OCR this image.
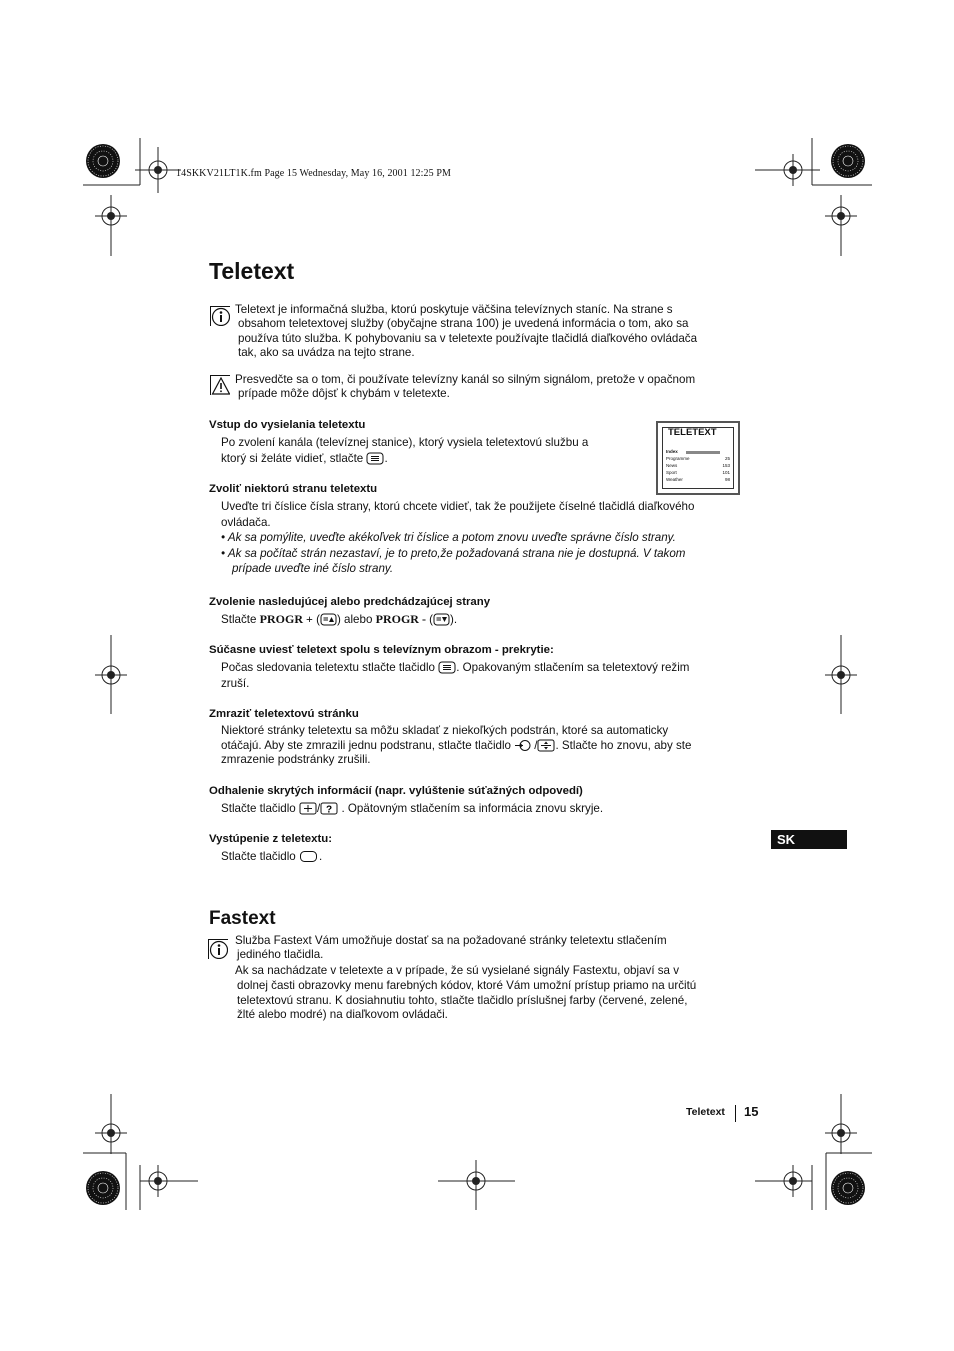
14SKKV21LT1K.fm Page 15 Wednesday, May 16, 2001 12:25 PM
Teletext
Teletext je informačná služba, ktorú poskytuje väčšina televíznych staníc. Na strane s
obsahom teletextovej služby (obyčajne strana 100) je uvedená informácia o tom, ako sa
používa túto služba. K pohybovaniu sa v teletexte používajte tlačidlá diaľkového ovládača
tak, ako sa uvádza na tejto strane.
Presvedčte sa o tom, či používate televízny kanál so silným signálom, pretože v opačnom
prípade môže dôjsť k chybám v teletexte.
TELETEXT
Index
Programme	25
News	153
Sport	101
Weather	98
Vstup do vysielania teletextu
Po zvolení kanála (televíznej stanice), ktorý vysiela teletextovú službu a
ktorý si želáte vidieť, stlačte .
Zvoliť niektorú stranu teletextu
Uveďte tri číslice čísla strany, ktorú chcete vidieť, tak že použijete číselné tlačidlá diaľkového
ovládača.
• Ak sa pomýlite, uveďte akékoľvek tri číslice a potom znovu uveďte správne číslo strany.
• Ak sa počítač strán nezastaví, je to preto,že požadovaná strana nie je dostupná. V takom
prípade uveďte iné číslo strany.
Zvolenie nasledujúcej alebo predchádzajúcej strany
Stlačte PROGR + ( ) alebo PROGR - ( ).
Súčasne uviesť teletext spolu s televíznym obrazom - prekrytie:
Počas sledovania teletextu stlačte tlačidlo . Opakovaným stlačením sa teletextový režim
zruší.
Zmraziť teletextovú stránku
Niektoré stránky teletextu sa môžu skladať z niekoľkých podstrán, ktoré sa automaticky
otáčajú. Aby ste zmrazili jednu podstranu, stlačte tlačidlo / . Stlačte ho znovu, aby ste
zmrazenie podstránky zrušili.
Odhalenie skrytých informácií (napr. vylúštenie súťažných odpovedí)
Stlačte tlačidlo / ? . Opätovným stlačením sa informácia znovu skryje.
Vystúpenie z teletextu:
Stlačte tlačidlo .
Fastext
Služba Fastext Vám umožňuje dostať sa na požadované stránky teletextu stlačením
jediného tlačidla.
Ak sa nachádzate v teletexte a v prípade, že sú vysielané signály Fastextu, objaví sa v
dolnej časti obrazovky menu farebných kódov, ktoré Vám umožní prístup priamo na určitú
teletextovú stranu. K dosiahnutiu tohto, stlačte tlačidlo príslušnej farby (červené, zelené,
žlté alebo modré) na diaľkovom ovládači.
SK
Teletext 15
